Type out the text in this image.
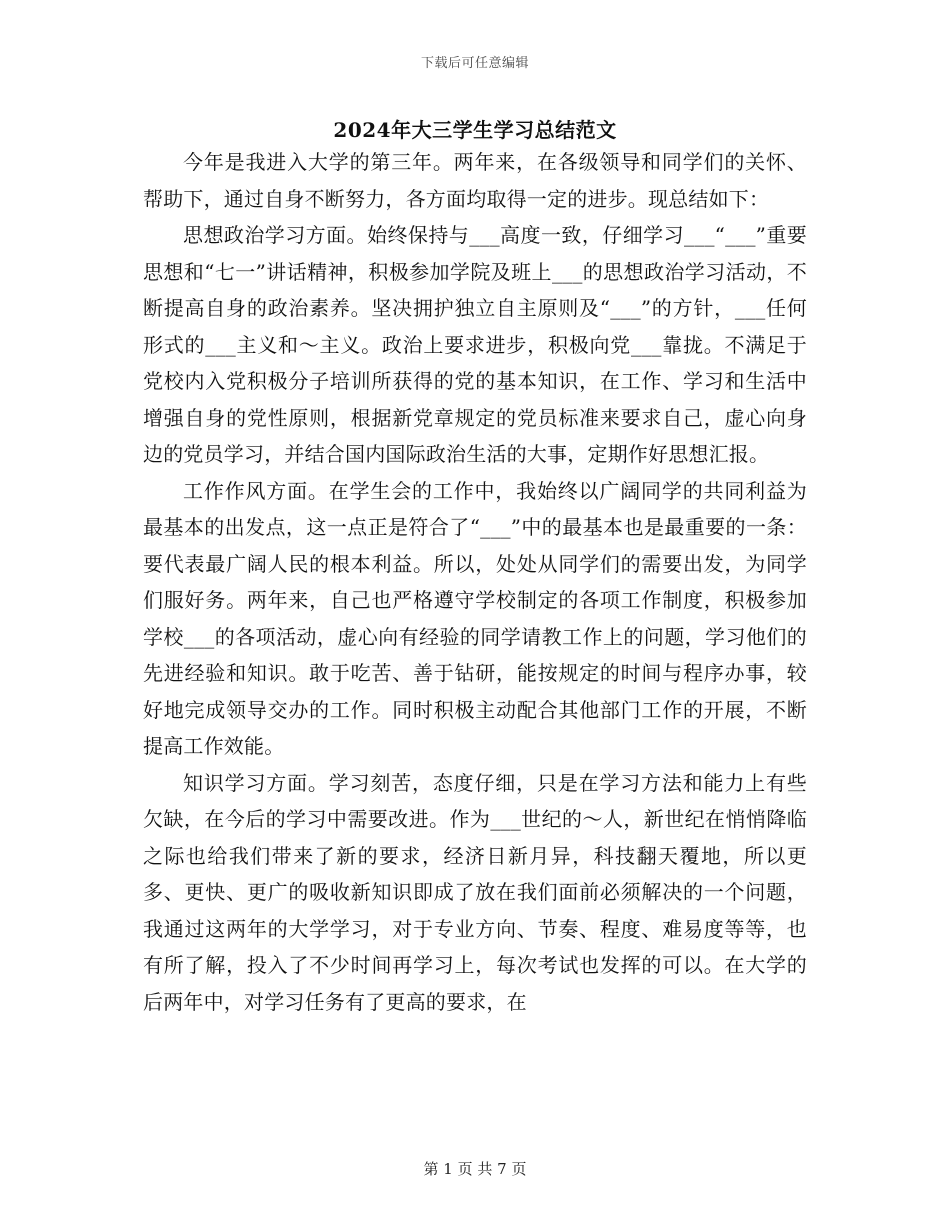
下载后可任意编辑
2024年大三学生学习总结范文

今年是我进入大学的第三年。两年来，在各级领导和同学们的关怀、帮助下，通过自身不断努力，各方面均取得一定的进步。现总结如下：

思想政治学习方面。始终保持与___高度一致，仔细学习___“___”重要思想和“七一”讲话精神，积极参加学院及班上___的思想政治学习活动，不断提高自身的政治素养。坚决拥护独立自主原则及“___”的方针，___任何形式的___主义和～主义。政治上要求进步，积极向党___靠拢。不满足于党校内入党积极分子培训所获得的党的基本知识，在工作、学习和生活中增强自身的党性原则，根据新党章规定的党员标准来要求自己，虚心向身边的党员学习，并结合国内国际政治生活的大事，定期作好思想汇报。

工作作风方面。在学生会的工作中，我始终以广阔同学的共同利益为最基本的出发点，这一点正是符合了“___”中的最基本也是最重要的一条：要代表最广阔人民的根本利益。所以，处处从同学们的需要出发，为同学们服好务。两年来，自己也严格遵守学校制定的各项工作制度，积极参加学校___的各项活动，虚心向有经验的同学请教工作上的问题，学习他们的先进经验和知识。敢于吃苦、善于钻研，能按规定的时间与程序办事，较好地完成领导交办的工作。同时积极主动配合其他部门工作的开展，不断提高工作效能。

知识学习方面。学习刻苦，态度仔细，只是在学习方法和能力上有些欠缺，在今后的学习中需要改进。作为___世纪的～人，新世纪在悄悄降临之际也给我们带来了新的要求，经济日新月异，科技翻天覆地，所以更多、更快、更广的吸收新知识即成了放在我们面前必须解决的一个问题，我通过这两年的大学学习，对于专业方向、节奏、程度、难易度等等，也有所了解，投入了不少时间再学习上，每次考试也发挥的可以。在大学的后两年中，对学习任务有了更高的要求，在

第 1 页 共 7 页
